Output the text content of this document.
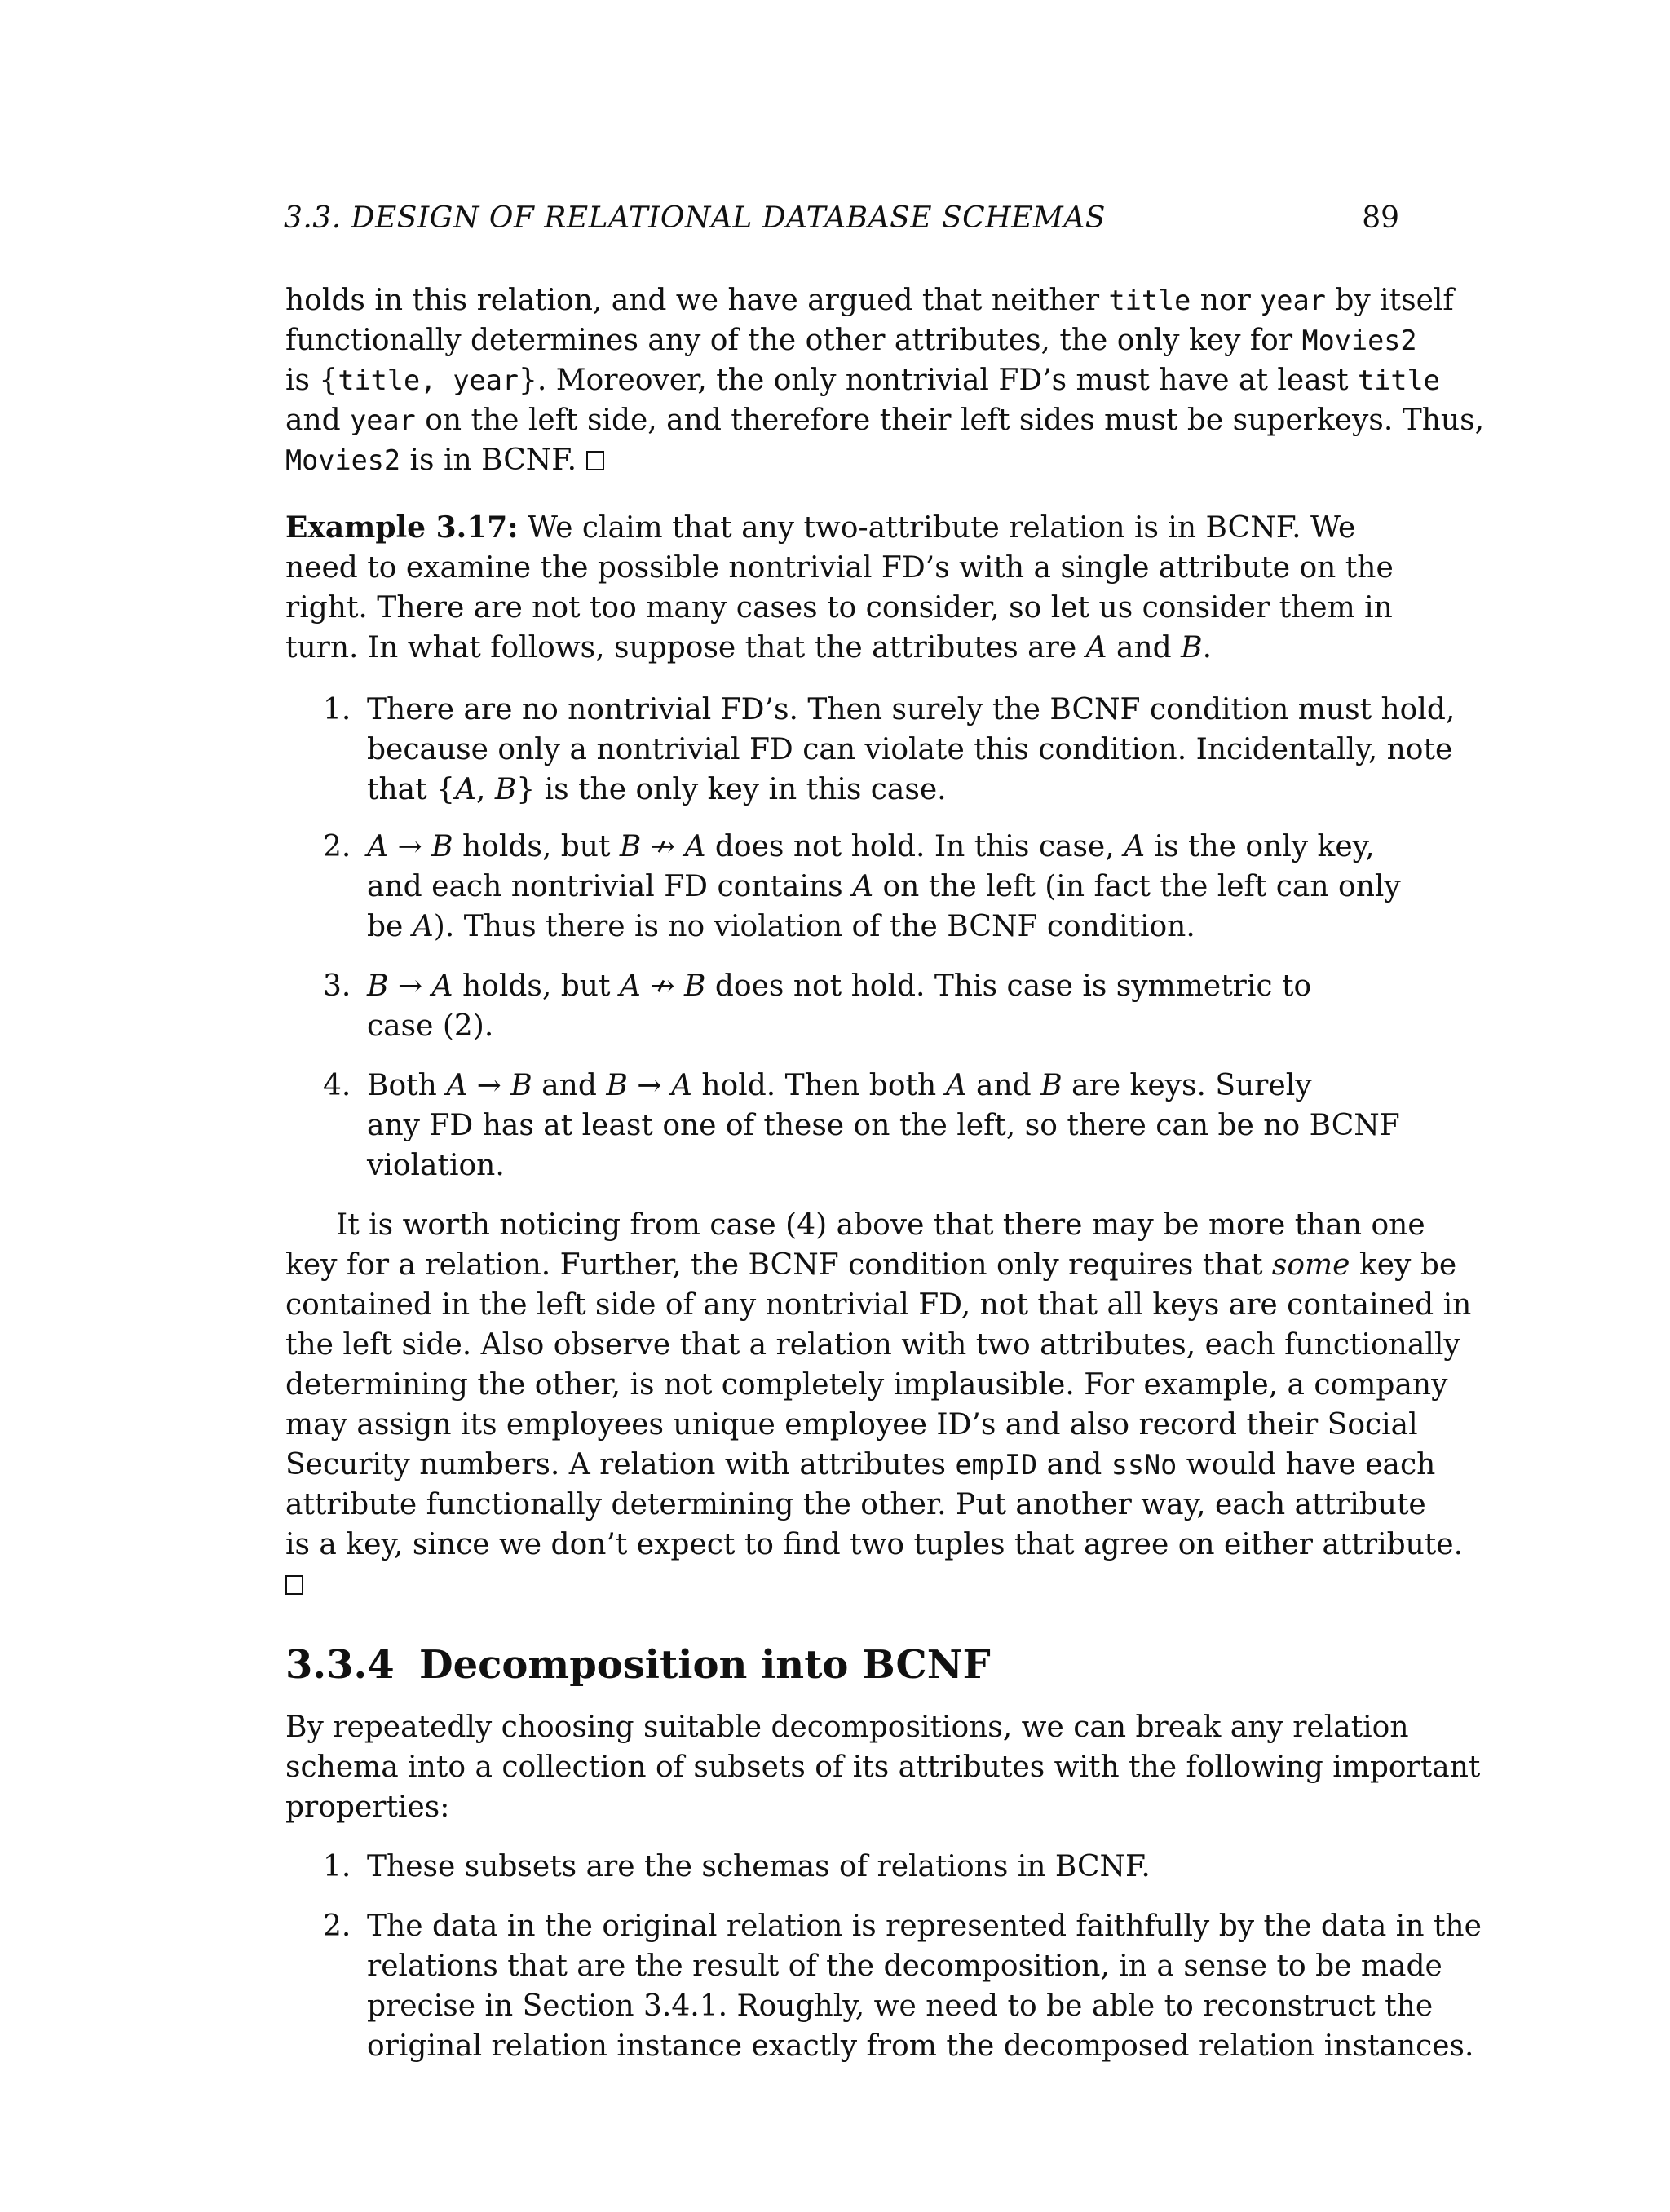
3.3. DESIGN OF RELATIONAL DATABASE SCHEMAS	89
holds in this relation, and we have argued that neither title nor year by itself
functionally determines any of the other attributes, the only key for Movies2
is {title, year}. Moreover, the only nontrivial FD’s must have at least title
and year on the left side, and therefore their left sides must be superkeys. Thus,
Movies2 is in BCNF.
Example 3.17: We claim that any two-attribute relation is in BCNF. We
need to examine the possible nontrivial FD’s with a single attribute on the
right. There are not too many cases to consider, so let us consider them in
turn. In what follows, suppose that the attributes are A and B.
1. There are no nontrivial FD’s. Then surely the BCNF condition must hold,
because only a nontrivial FD can violate this condition. Incidentally, note
that {A, B} is the only key in this case.
2. A → B holds, but B ↛ A does not hold. In this case, A is the only key,
and each nontrivial FD contains A on the left (in fact the left can only
be A). Thus there is no violation of the BCNF condition.
3. B → A holds, but A ↛ B does not hold. This case is symmetric to
case (2).
4. Both A → B and B → A hold. Then both A and B are keys. Surely
any FD has at least one of these on the left, so there can be no BCNF
violation.
It is worth noticing from case (4) above that there may be more than one
key for a relation. Further, the BCNF condition only requires that some key be
contained in the left side of any nontrivial FD, not that all keys are contained in
the left side. Also observe that a relation with two attributes, each functionally
determining the other, is not completely implausible. For example, a company
may assign its employees unique employee ID’s and also record their Social
Security numbers. A relation with attributes empID and ssNo would have each
attribute functionally determining the other. Put another way, each attribute
is a key, since we don’t expect to find two tuples that agree on either attribute.
3.3.4 Decomposition into BCNF
By repeatedly choosing suitable decompositions, we can break any relation
schema into a collection of subsets of its attributes with the following important
properties:
1. These subsets are the schemas of relations in BCNF.
2. The data in the original relation is represented faithfully by the data in the
relations that are the result of the decomposition, in a sense to be made
precise in Section 3.4.1. Roughly, we need to be able to reconstruct the
original relation instance exactly from the decomposed relation instances.
